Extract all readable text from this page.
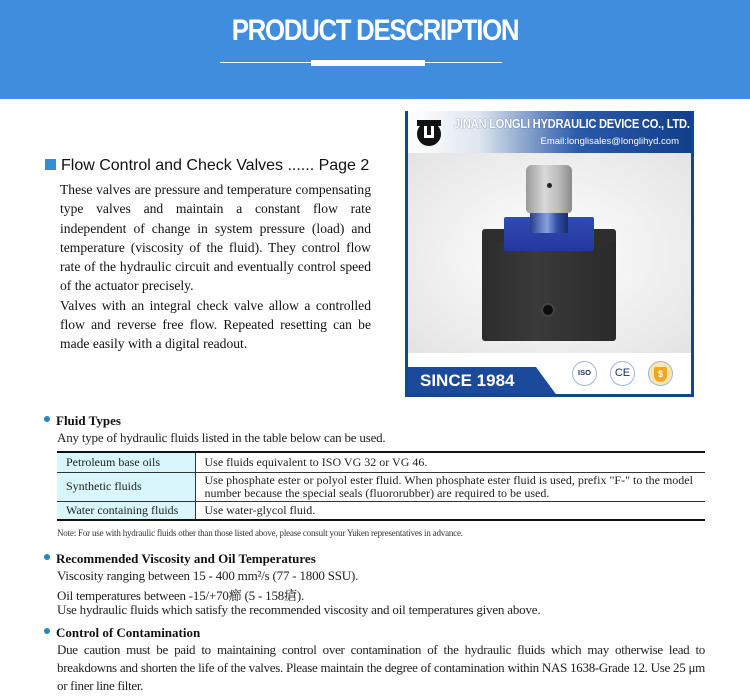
PRODUCT DESCRIPTION
Flow Control and Check Valves ...... Page 2

These valves are pressure and temperature compensating type valves and maintain a constant flow rate independent of change in system pressure (load) and temperature (viscosity of the fluid). They control flow rate of the hydraulic circuit and eventually control speed of the actuator precisely.

Valves with an integral check valve allow a controlled flow and reverse free flow. Repeated resetting can be made easily with a digital readout.

JINAN LONGLI HYDRAULIC DEVICE CO., LTD.
Email:longlisales@longlihyd.com
SINCE 1984	ISO	CE	$
Fluid Types
Any type of hydraulic fluids listed in the table below can be used.
Petroleum base oils	Use fluids equivalent to ISO VG 32 or VG 46.
Synthetic fluids	Use phosphate ester or polyol ester fluid. When phosphate ester fluid is used, prefix "F-" to the model number because the special seals (fluororubber) are required to be used.
Water containing fluids	Use water-glycol fluid.
Note: For use with hydraulic fluids other than those listed above, please consult your Yuken representatives in advance.
Recommended Viscosity and Oil Temperatures
Viscosity ranging between 15 - 400 mm²/s (77 - 1800 SSU).
Oil temperatures between -15/+70癤 (5 - 158瘡).
Use hydraulic fluids which satisfy the recommended viscosity and oil temperatures given above.
Control of Contamination
Due caution must be paid to maintaining control over contamination of the hydraulic fluids which may otherwise lead to breakdowns and shorten the life of the valves. Please maintain the degree of contamination within NAS 1638-Grade 12. Use 25 μm or finer line filter.
